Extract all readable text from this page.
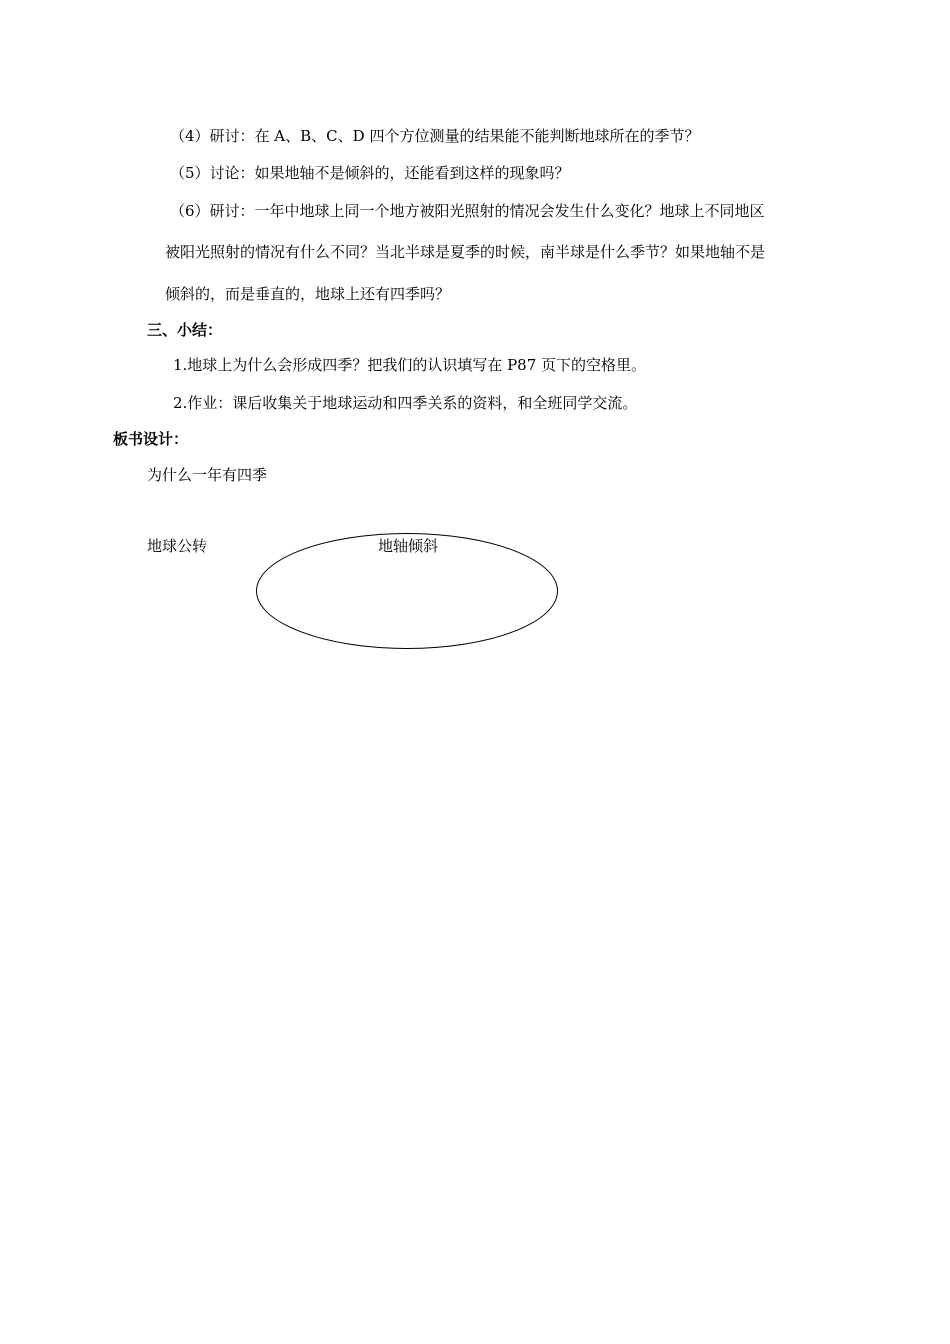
（4）研讨：在 A、B、C、D 四个方位测量的结果能不能判断地球所在的季节？
（5）讨论：如果地轴不是倾斜的，还能看到这样的现象吗？
（6）研讨：一年中地球上同一个地方被阳光照射的情况会发生什么变化？地球上不同地区
被阳光照射的情况有什么不同？当北半球是夏季的时候，南半球是什么季节？如果地轴不是
倾斜的，而是垂直的，地球上还有四季吗？
三、小结：
1.地球上为什么会形成四季？把我们的认识填写在 P87 页下的空格里。
2.作业：课后收集关于地球运动和四季关系的资料，和全班同学交流。
板书设计：
为什么一年有四季
地球公转	地轴倾斜
